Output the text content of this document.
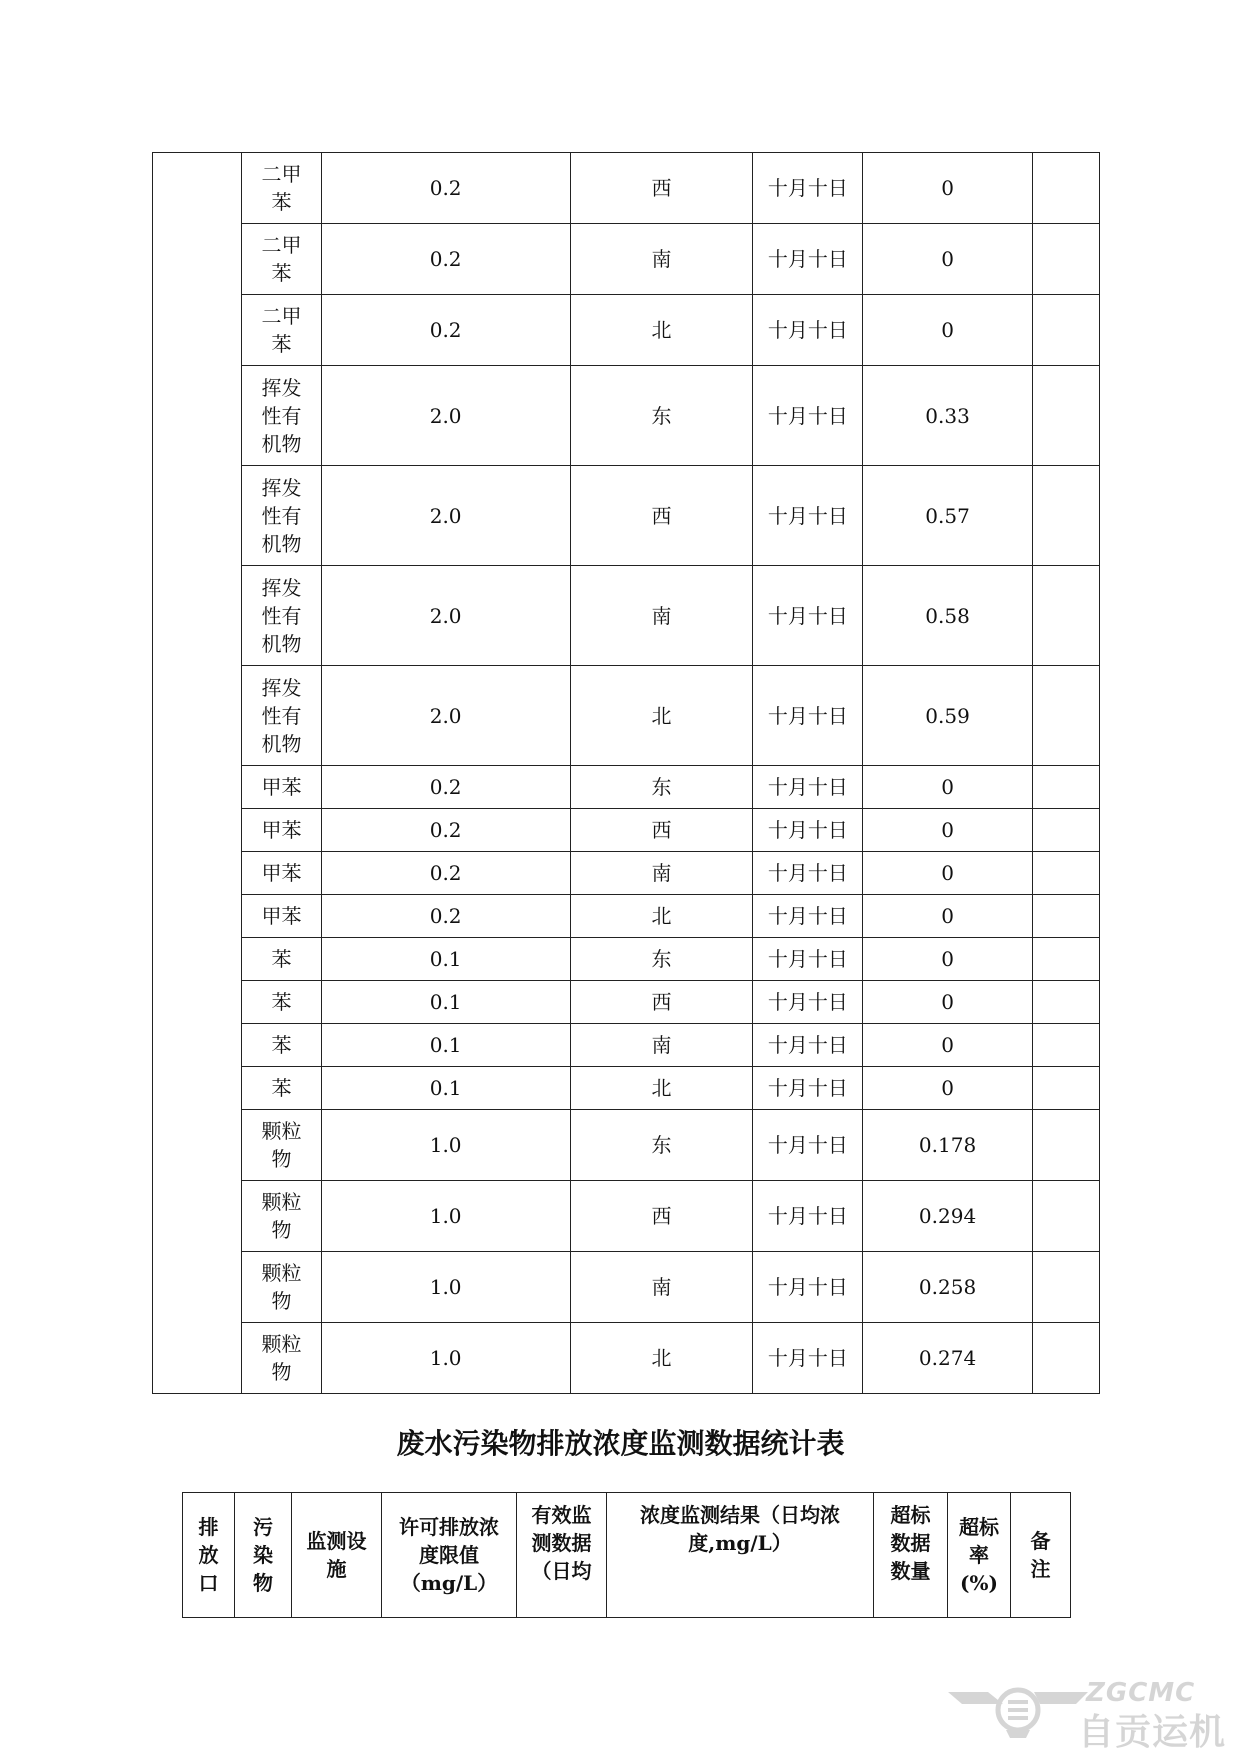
	二甲苯	0.2	西	十月十日	0	
	二甲苯	0.2	南	十月十日	0	
	二甲苯	0.2	北	十月十日	0	
	挥发性有机物	2.0	东	十月十日	0.33	
	挥发性有机物	2.0	西	十月十日	0.57	
	挥发性有机物	2.0	南	十月十日	0.58	
	挥发性有机物	2.0	北	十月十日	0.59	
	甲苯	0.2	东	十月十日	0	
	甲苯	0.2	西	十月十日	0	
	甲苯	0.2	南	十月十日	0	
	甲苯	0.2	北	十月十日	0	
	苯	0.1	东	十月十日	0	
	苯	0.1	西	十月十日	0	
	苯	0.1	南	十月十日	0	
	苯	0.1	北	十月十日	0	
	颗粒物	1.0	东	十月十日	0.178	
	颗粒物	1.0	西	十月十日	0.294	
	颗粒物	1.0	南	十月十日	0.258	
	颗粒物	1.0	北	十月十日	0.274	
废水污染物排放浓度监测数据统计表
排放口	污染物	监测设施	许可排放浓度限值（mg/L）	有效监测数据（日均	浓度监测结果（日均浓度,mg/L）	超标数据数量	超标率(%)	备注
ZGCMC
自贡运机
